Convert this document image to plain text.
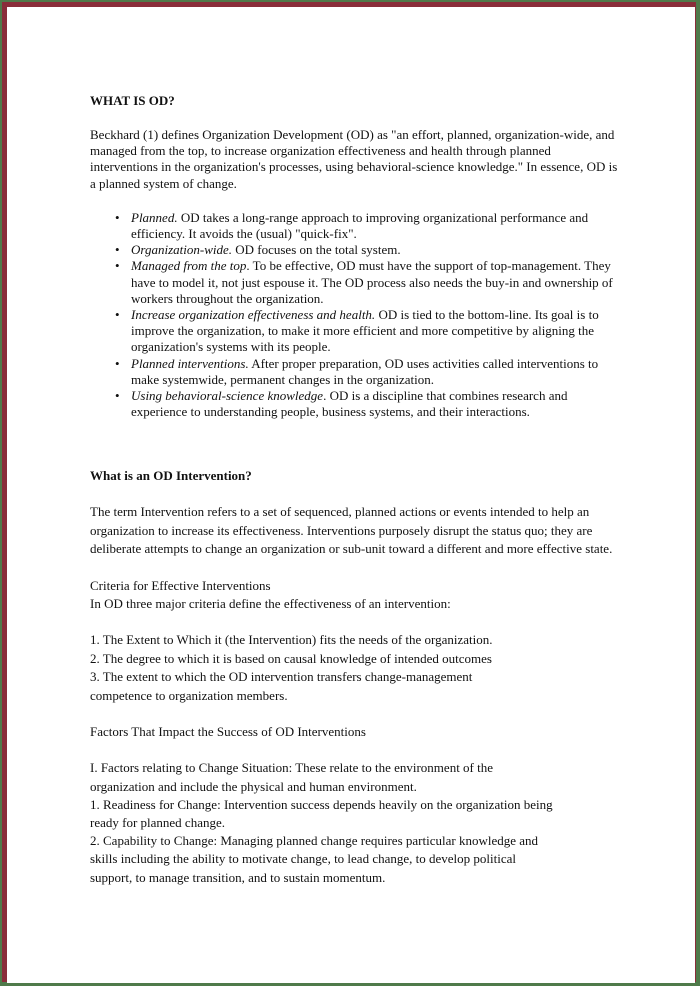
WHAT IS OD?

Beckhard (1) defines Organization Development (OD) as "an effort, planned, organization-wide, and managed from the top, to increase organization effectiveness and health through planned interventions in the organization's processes, using behavioral-science knowledge." In essence, OD is a planned system of change.

• Planned. OD takes a long-range approach to improving organizational performance and efficiency. It avoids the (usual) "quick-fix".
• Organization-wide. OD focuses on the total system.
• Managed from the top. To be effective, OD must have the support of top-management. They have to model it, not just espouse it. The OD process also needs the buy-in and ownership of workers throughout the organization.
• Increase organization effectiveness and health. OD is tied to the bottom-line. Its goal is to improve the organization, to make it more efficient and more competitive by aligning the organization's systems with its people.
• Planned interventions. After proper preparation, OD uses activities called interventions to make systemwide, permanent changes in the organization.
• Using behavioral-science knowledge. OD is a discipline that combines research and experience to understanding people, business systems, and their interactions.
What is an OD Intervention?

The term Intervention refers to a set of sequenced, planned actions or events intended to help an organization to increase its effectiveness. Interventions purposely disrupt the status quo; they are deliberate attempts to change an organization or sub-unit toward a different and more effective state.

Criteria for Effective Interventions
In OD three major criteria define the effectiveness of an intervention:
1. The Extent to Which it (the Intervention) fits the needs of the organization.
2. The degree to which it is based on causal knowledge of intended outcomes
3. The extent to which the OD intervention transfers change-management competence to organization members.
Factors That Impact the Success of OD Interventions
I. Factors relating to Change Situation: These relate to the environment of the organization and include the physical and human environment.
1. Readiness for Change: Intervention success depends heavily on the organization being ready for planned change.
2. Capability to Change: Managing planned change requires particular knowledge and skills including the ability to motivate change, to lead change, to develop political support, to manage transition, and to sustain momentum.
